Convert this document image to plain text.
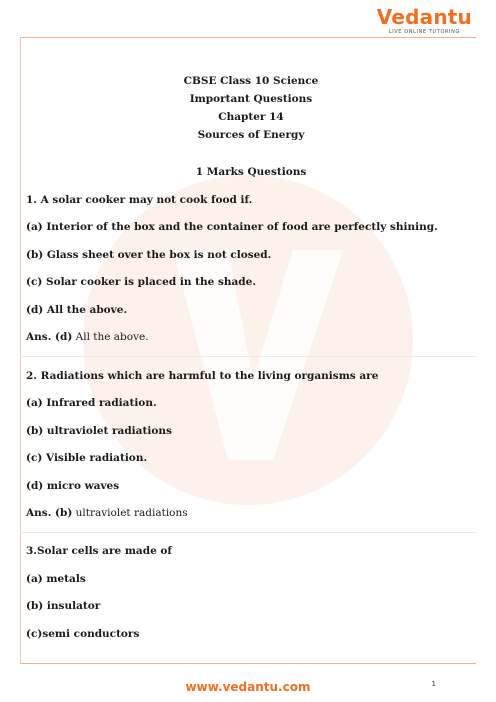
Vedantu
LIVE ONLINE TUTORING
CBSE Class 10 Science
Important Questions
Chapter 14
Sources of Energy
1 Marks Questions
1. A solar cooker may not cook food if.
(a) Interior of the box and the container of food are perfectly shining.
(b) Glass sheet over the box is not closed.
(c) Solar cooker is placed in the shade.
(d) All the above.
Ans. (d) All the above.
2. Radiations which are harmful to the living organisms are
(a) Infrared radiation.
(b) ultraviolet radiations
(c) Visible radiation.
(d) micro waves
Ans. (b) ultraviolet radiations
3.Solar cells are made of
(a) metals
(b) insulator
(c)semi conductors
www.vedantu.com	1
